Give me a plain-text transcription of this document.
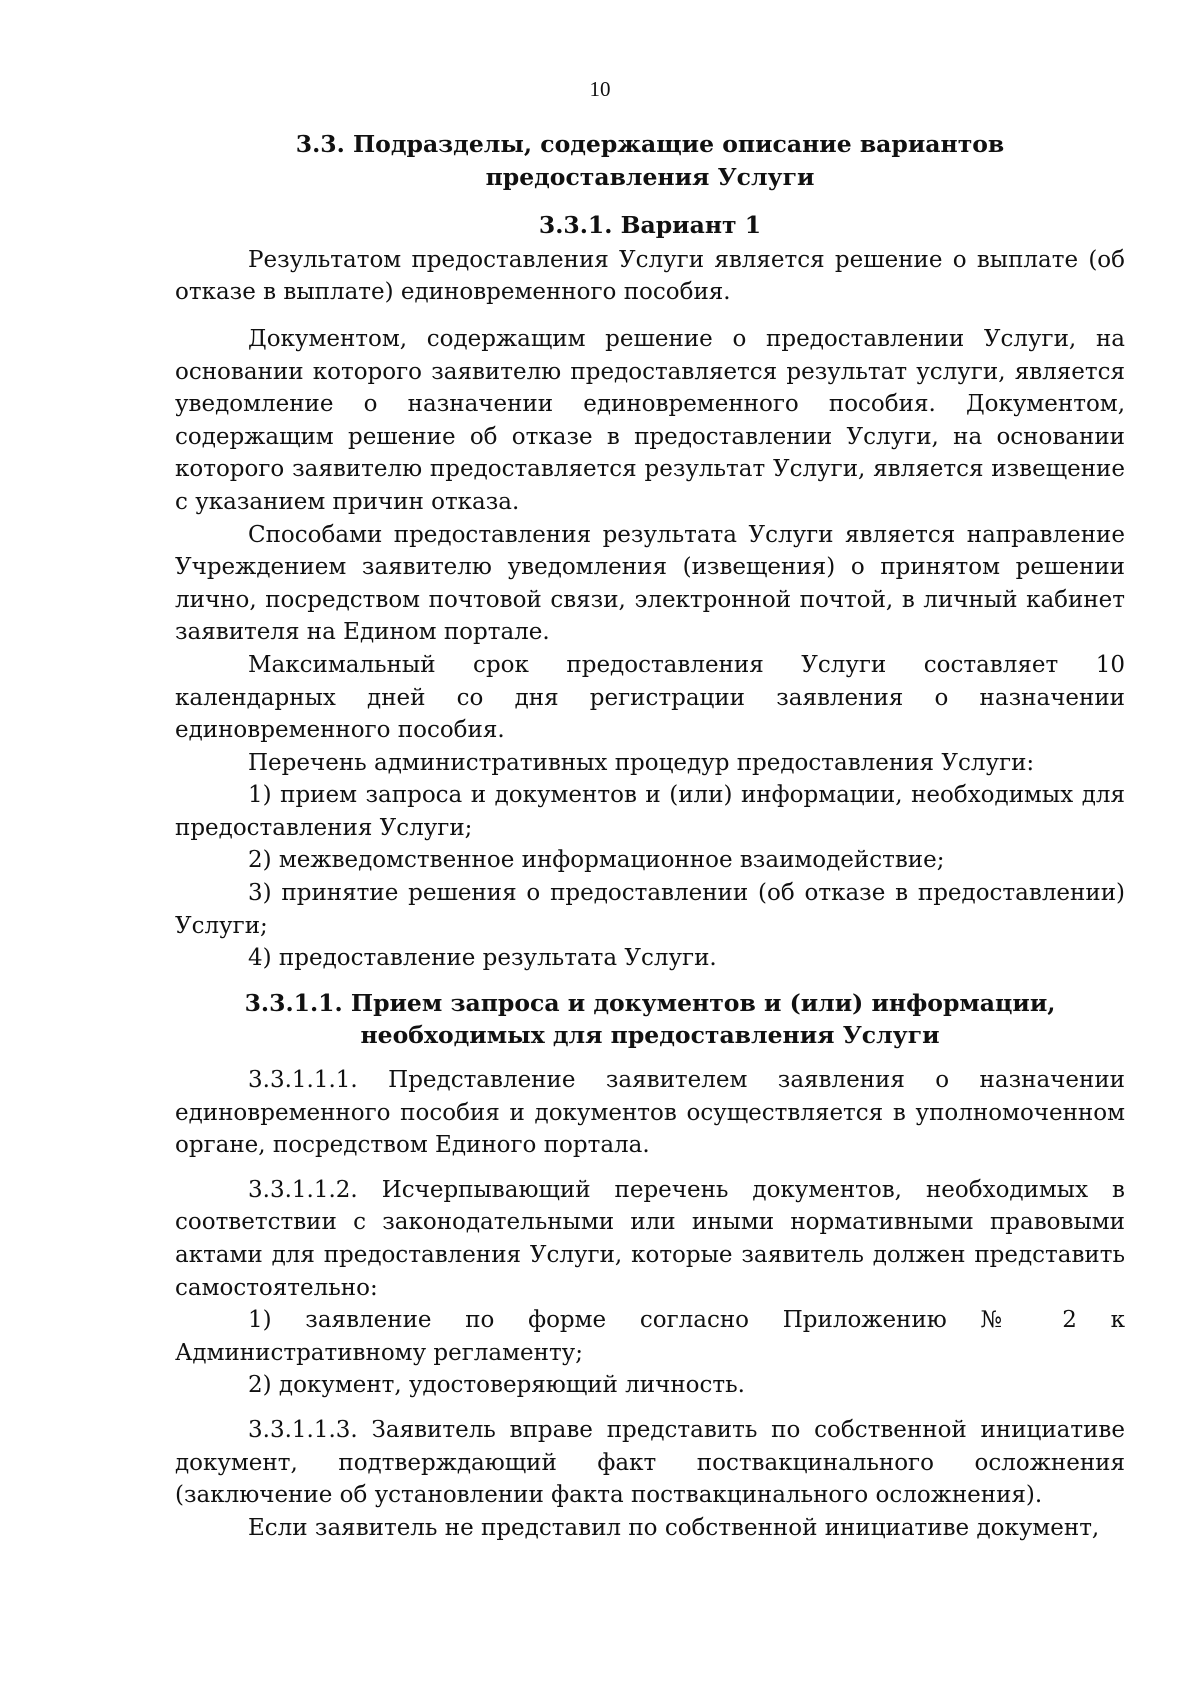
10
3.3. Подразделы, содержащие описание вариантов предоставления Услуги
3.3.1. Вариант 1

Результатом предоставления Услуги является решение о выплате (об отказе в выплате) единовременного пособия.

Документом, содержащим решение о предоставлении Услуги, на основании которого заявителю предоставляется результат услуги, является уведомление о назначении единовременного пособия. Документом, содержащим решение об отказе в предоставлении Услуги, на основании которого заявителю предоставляется результат Услуги, является извещение с указанием причин отказа.

Способами предоставления результата Услуги является направление Учреждением заявителю уведомления (извещения) о принятом решении лично, посредством почтовой связи, электронной почтой, в личный кабинет заявителя на Едином портале.

Максимальный срок предоставления Услуги составляет 10 календарных дней со дня регистрации заявления о назначении единовременного пособия.

Перечень административных процедур предоставления Услуги:

1) прием запроса и документов и (или) информации, необходимых для предоставления Услуги;

2) межведомственное информационное взаимодействие;

3) принятие решения о предоставлении (об отказе в предоставлении) Услуги;

4) предоставление результата Услуги.

3.3.1.1. Прием запроса и документов и (или) информации, необходимых для предоставления Услуги

3.3.1.1.1. Представление заявителем заявления о назначении единовременного пособия и документов осуществляется в уполномоченном органе, посредством Единого портала.

3.3.1.1.2. Исчерпывающий перечень документов, необходимых в соответствии с законодательными или иными нормативными правовыми актами для предоставления Услуги, которые заявитель должен представить самостоятельно:

1) заявление по форме согласно Приложению № 2 к Административному регламенту;

2) документ, удостоверяющий личность.

3.3.1.1.3. Заявитель вправе представить по собственной инициативе документ, подтверждающий факт поствакцинального осложнения (заключение об установлении факта поствакцинального осложнения).

Если заявитель не представил по собственной инициативе документ,
